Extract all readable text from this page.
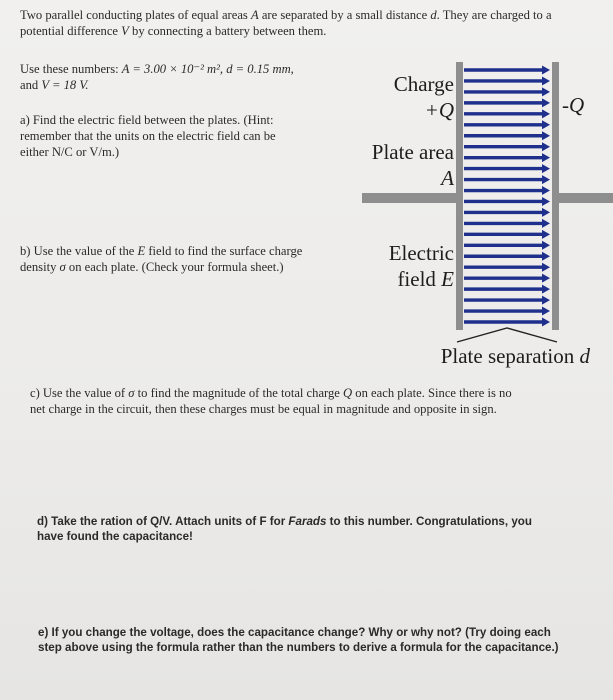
Two parallel conducting plates of equal areas A are separated by a small distance d. They are charged to a potential difference V by connecting a battery between them.
Use these numbers: A = 3.00 × 10⁻² m², d = 0.15 mm,
and V = 18 V.
a) Find the electric field between the plates. (Hint:
remember that the units on the electric field can be
either N/C or V/m.)
b) Use the value of the E field to find the surface charge
density σ on each plate. (Check your formula sheet.)
c) Use the value of σ to find the magnitude of the total charge Q on each plate. Since there is no
net charge in the circuit, then these charges must be equal in magnitude and opposite in sign.
d) Take the ration of Q/V. Attach units of F for Farads to this number. Congratulations, you
have found the capacitance!
e) If you change the voltage, does the capacitance change? Why or why not? (Try doing each
step above using the formula rather than the numbers to derive a formula for the capacitance.)
Charge
+Q	-Q
Plate area
A
Electric
field E
Plate separation d
